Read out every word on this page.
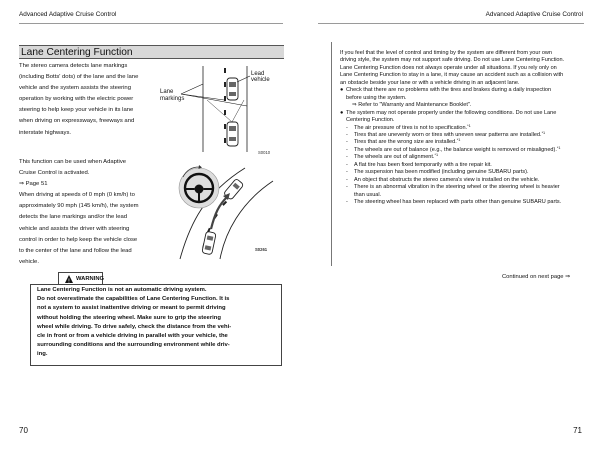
Advanced Adaptive Cruise Control	Advanced Adaptive Cruise Control
Lane Centering Function
The stereo camera detects lane markings
(including Botts' dots) of the lane and the lane
vehicle and the system assists the steering
operation by working with the electric power
steering to help keep your vehicle in its lane
when driving on expressways, freeways and
interstate highways.
This function can be used when Adaptive
Cruise Control is activated.
⇒ Page 51
When driving at speeds of 0 mph (0 km/h) to
approximately 90 mph (145 km/h), the system
detects the lane markings and/or the lead
vehicle and assists the driver with steering
control in order to help keep the vehicle close
to the center of the lane and follow the lead
vehicle.
Lane
markings
Lead
vehicle
S0010
S0261
! WARNING
Lane Centering Function is not an automatic driving system.
Do not overestimate the capabilities of Lane Centering Function. It is
not a system to assist inattentive driving or meant to permit driving
without holding the steering wheel. Make sure to grip the steering
wheel while driving. To drive safely, check the distance from the vehi-
cle in front or from a vehicle driving in parallel with your vehicle, the
surrounding conditions and the surrounding environment while driv-
ing.
70

If you feel that the level of control and timing by the system are different from your own driving style, the system may not support safe driving. Do not use Lane Centering Function.

Lane Centering Function does not always operate under all situations. If you rely only on Lane Centering Function to stay in a lane, it may cause an accident such as a collision with an obstacle beside your lane or with a vehicle driving in an adjacent lane.

● Check that there are no problems with the tires and brakes during a daily inspection before using the system.
⇒ Refer to "Warranty and Maintenance Booklet".
● The system may not operate properly under the following conditions. Do not use Lane Centering Function.
-	The air pressure of tires is not to specification.$^{*1}$
-	Tires that are unevenly worn or tires with uneven wear patterns are installed.$^{*1}$
-	Tires that are the wrong size are installed.$^{*1}$
-	The wheels are out of balance (e.g., the balance weight is removed or misaligned).$^{*1}$
-	The wheels are out of alignment.$^{*1}$
-	A flat tire has been fixed temporarily with a tire repair kit.
-	The suspension has been modified (including genuine SUBARU parts).
-	An object that obstructs the stereo camera's view is installed on the vehicle.
-	There is an abnormal vibration in the steering wheel or the steering wheel is heavier than usual.
-	The steering wheel has been replaced with parts other than genuine SUBARU parts.
Continued on next page ⇒
71
